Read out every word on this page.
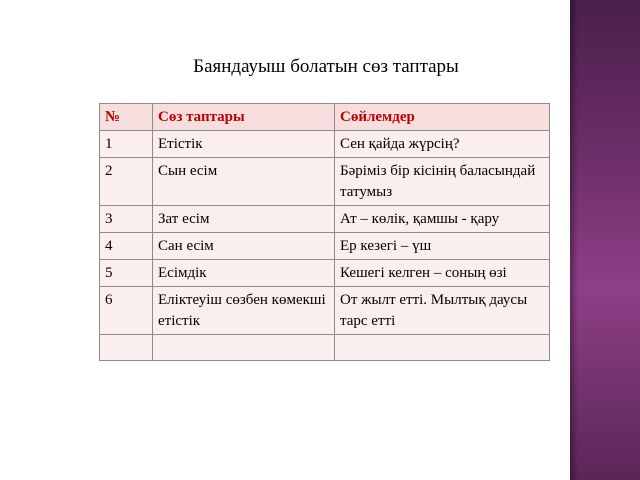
Баяндауыш болатын сөз таптары
№	Сөз таптары	Сөйлемдер
1	Етістік	Сен қайда жүрсің?
2	Сын есім	Бәріміз бір кісінің баласындай татумыз
3	Зат есім	Ат – көлік, қамшы - қару
4	Сан есім	Ер кезегі – үш
5	Есімдік	Кешегі келген – соның өзі
6	Еліктеуіш сөзбен көмекші етістік	От жылт етті. Мылтық даусы тарс етті
